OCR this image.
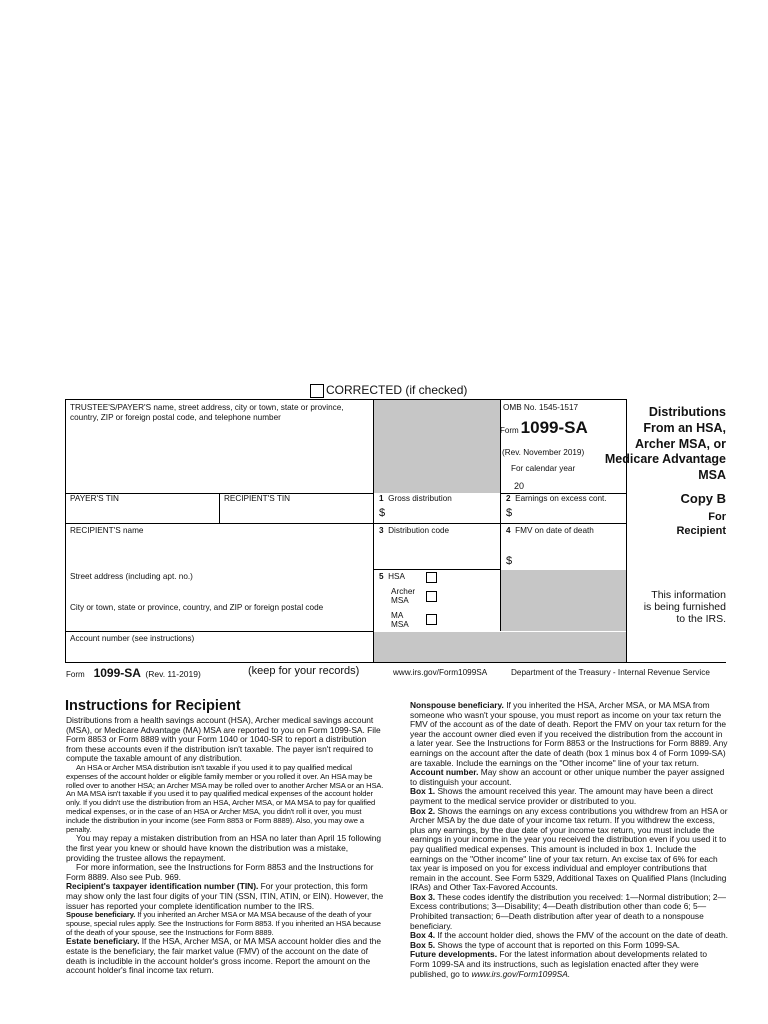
CORRECTED (if checked)
TRUSTEE'S/PAYER'S name, street address, city or town, state or province, country, ZIP or foreign postal code, and telephone number
OMB No. 1545-1517
Form 1099-SA
(Rev. November 2019)
For calendar year
20
Distributions
From an HSA,
Archer MSA, or
Medicare Advantage
MSA
Copy B
For
Recipient
This information
is being furnished
to the IRS.
PAYER'S TIN	RECIPIENT'S TIN	1 Gross distribution
$
2 Earnings on excess cont.
$
RECIPIENT'S name	3 Distribution code	4 FMV on date of death
$
Street address (including apt. no.)
City or town, state or province, country, and ZIP or foreign postal code
5 HSA
Archer
MSA
MA
MSA
Account number (see instructions)
Form 1099-SA (Rev. 11-2019)	(keep for your records)	www.irs.gov/Form1099SA	Department of the Treasury - Internal Revenue Service
Instructions for Recipient

Distributions from a health savings account (HSA), Archer medical savings account (MSA), or Medicare Advantage (MA) MSA are reported to you on Form 1099-SA. File Form 8853 or Form 8889 with your Form 1040 or 1040-SR to report a distribution from these accounts even if the distribution isn't taxable. The payer isn't required to compute the taxable amount of any distribution.

An HSA or Archer MSA distribution isn't taxable if you used it to pay qualified medical expenses of the account holder or eligible family member or you rolled it over. An HSA may be rolled over to another HSA; an Archer MSA may be rolled over to another Archer MSA or an HSA. An MA MSA isn't taxable if you used it to pay qualified medical expenses of the account holder only. If you didn't use the distribution from an HSA, Archer MSA, or MA MSA to pay for qualified medical expenses, or in the case of an HSA or Archer MSA, you didn't roll it over, you must include the distribution in your income (see Form 8853 or Form 8889). Also, you may owe a penalty.

You may repay a mistaken distribution from an HSA no later than April 15 following the first year you knew or should have known the distribution was a mistake, providing the trustee allows the repayment.

For more information, see the Instructions for Form 8853 and the Instructions for Form 8889. Also see Pub. 969.

Recipient's taxpayer identification number (TIN). For your protection, this form may show only the last four digits of your TIN (SSN, ITIN, ATIN, or EIN). However, the issuer has reported your complete identification number to the IRS.

Spouse beneficiary. If you inherited an Archer MSA or MA MSA because of the death of your spouse, special rules apply. See the Instructions for Form 8853. If you inherited an HSA because of the death of your spouse, see the Instructions for Form 8889.

Estate beneficiary. If the HSA, Archer MSA, or MA MSA account holder dies and the estate is the beneficiary, the fair market value (FMV) of the account on the date of death is includible in the account holder's gross income. Report the amount on the account holder's final income tax return.

Nonspouse beneficiary. If you inherited the HSA, Archer MSA, or MA MSA from someone who wasn't your spouse, you must report as income on your tax return the FMV of the account as of the date of death. Report the FMV on your tax return for the year the account owner died even if you received the distribution from the account in a later year. See the Instructions for Form 8853 or the Instructions for Form 8889. Any earnings on the account after the date of death (box 1 minus box 4 of Form 1099-SA) are taxable. Include the earnings on the "Other income" line of your tax return.

Account number. May show an account or other unique number the payer assigned to distinguish your account.

Box 1. Shows the amount received this year. The amount may have been a direct payment to the medical service provider or distributed to you.

Box 2. Shows the earnings on any excess contributions you withdrew from an HSA or Archer MSA by the due date of your income tax return. If you withdrew the excess, plus any earnings, by the due date of your income tax return, you must include the earnings in your income in the year you received the distribution even if you used it to pay qualified medical expenses. This amount is included in box 1. Include the earnings on the "Other income" line of your tax return. An excise tax of 6% for each tax year is imposed on you for excess individual and employer contributions that remain in the account. See Form 5329, Additional Taxes on Qualified Plans (Including IRAs) and Other Tax-Favored Accounts.

Box 3. These codes identify the distribution you received: 1—Normal distribution; 2—Excess contributions; 3—Disability; 4—Death distribution other than code 6; 5—Prohibited transaction; 6—Death distribution after year of death to a nonspouse beneficiary.

Box 4. If the account holder died, shows the FMV of the account on the date of death.

Box 5. Shows the type of account that is reported on this Form 1099-SA.

Future developments. For the latest information about developments related to Form 1099-SA and its instructions, such as legislation enacted after they were published, go to www.irs.gov/Form1099SA.
